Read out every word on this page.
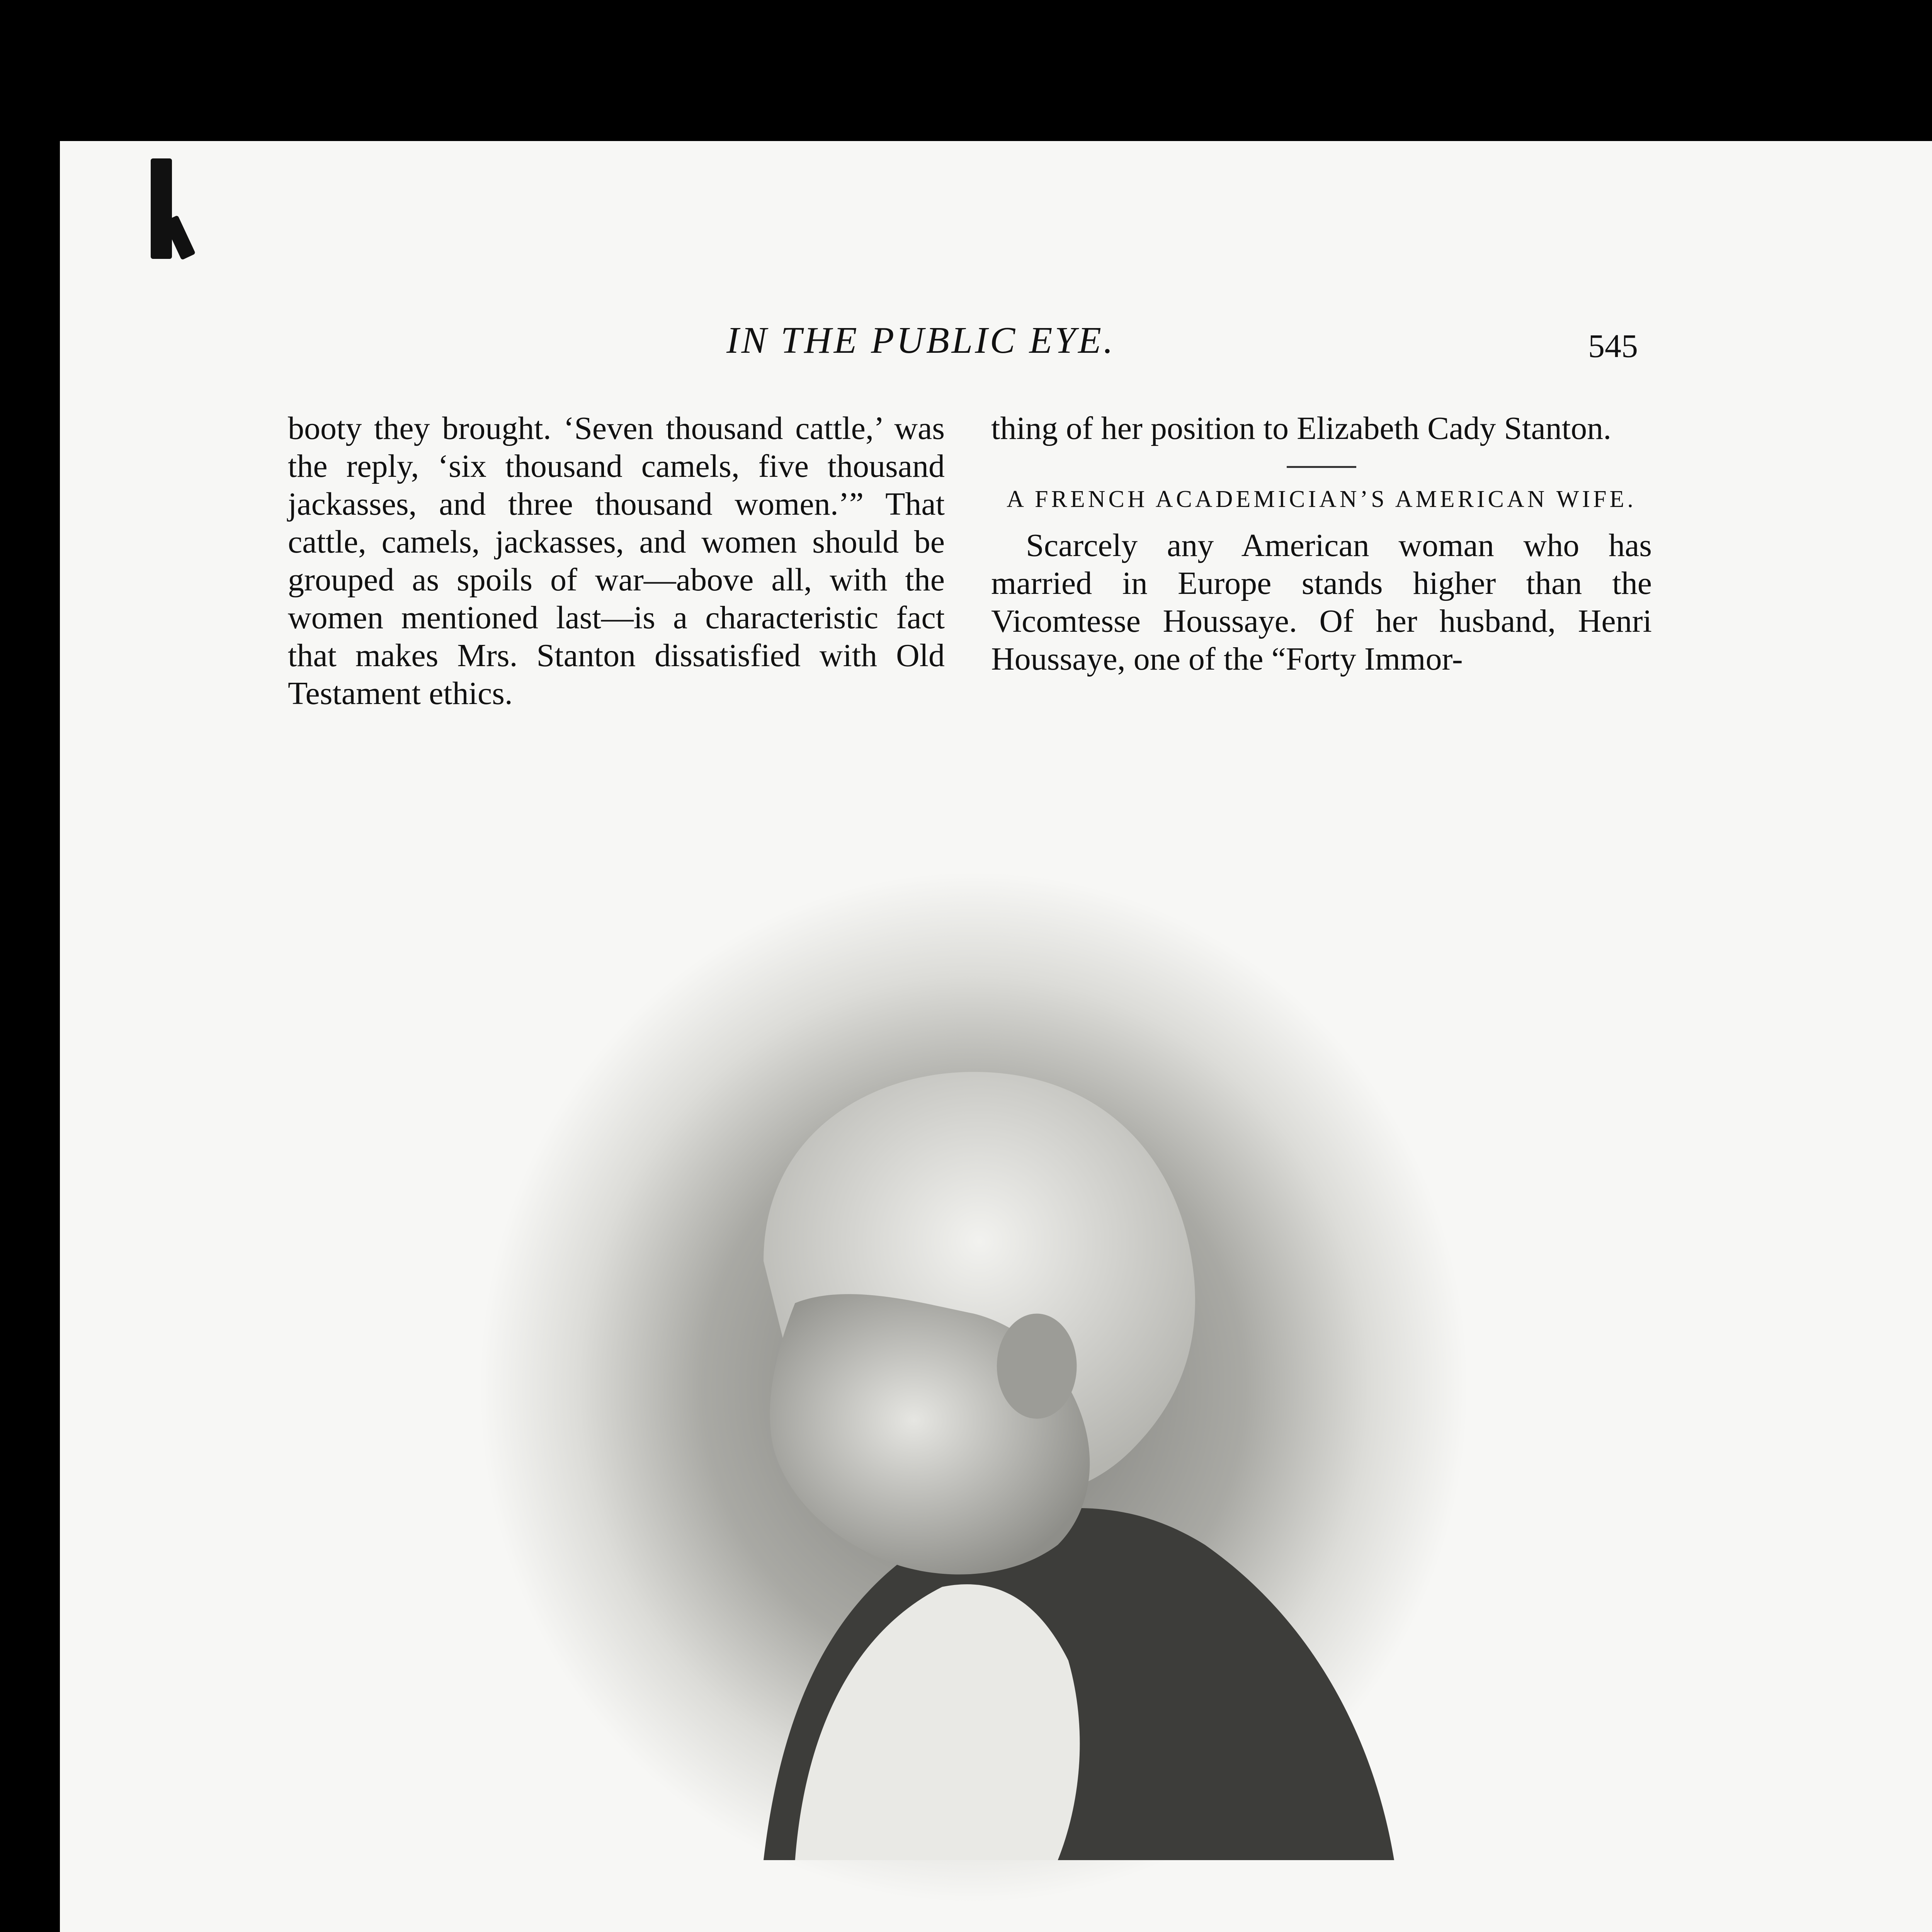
IN THE PUBLIC EYE.	545

booty they brought. ‘Seven thousand cattle,’ was the reply, ‘six thousand camels, five thousand jackasses, and three thousand women.’” That cattle, camels, jackasses, and women should be grouped as spoils of war—above all, with the women mentioned last—is a characteristic fact that makes Mrs. Stanton dissatisfied with Old Testament ethics.

thing of her position to Elizabeth Cady Stanton.

A FRENCH ACADEMICIAN’S AMERICAN WIFE.

Scarcely any American woman who has married in Europe stands higher than the Vicomtesse Houssaye. Of her husband, Henri Houssaye, one of the “Forty Immor-
